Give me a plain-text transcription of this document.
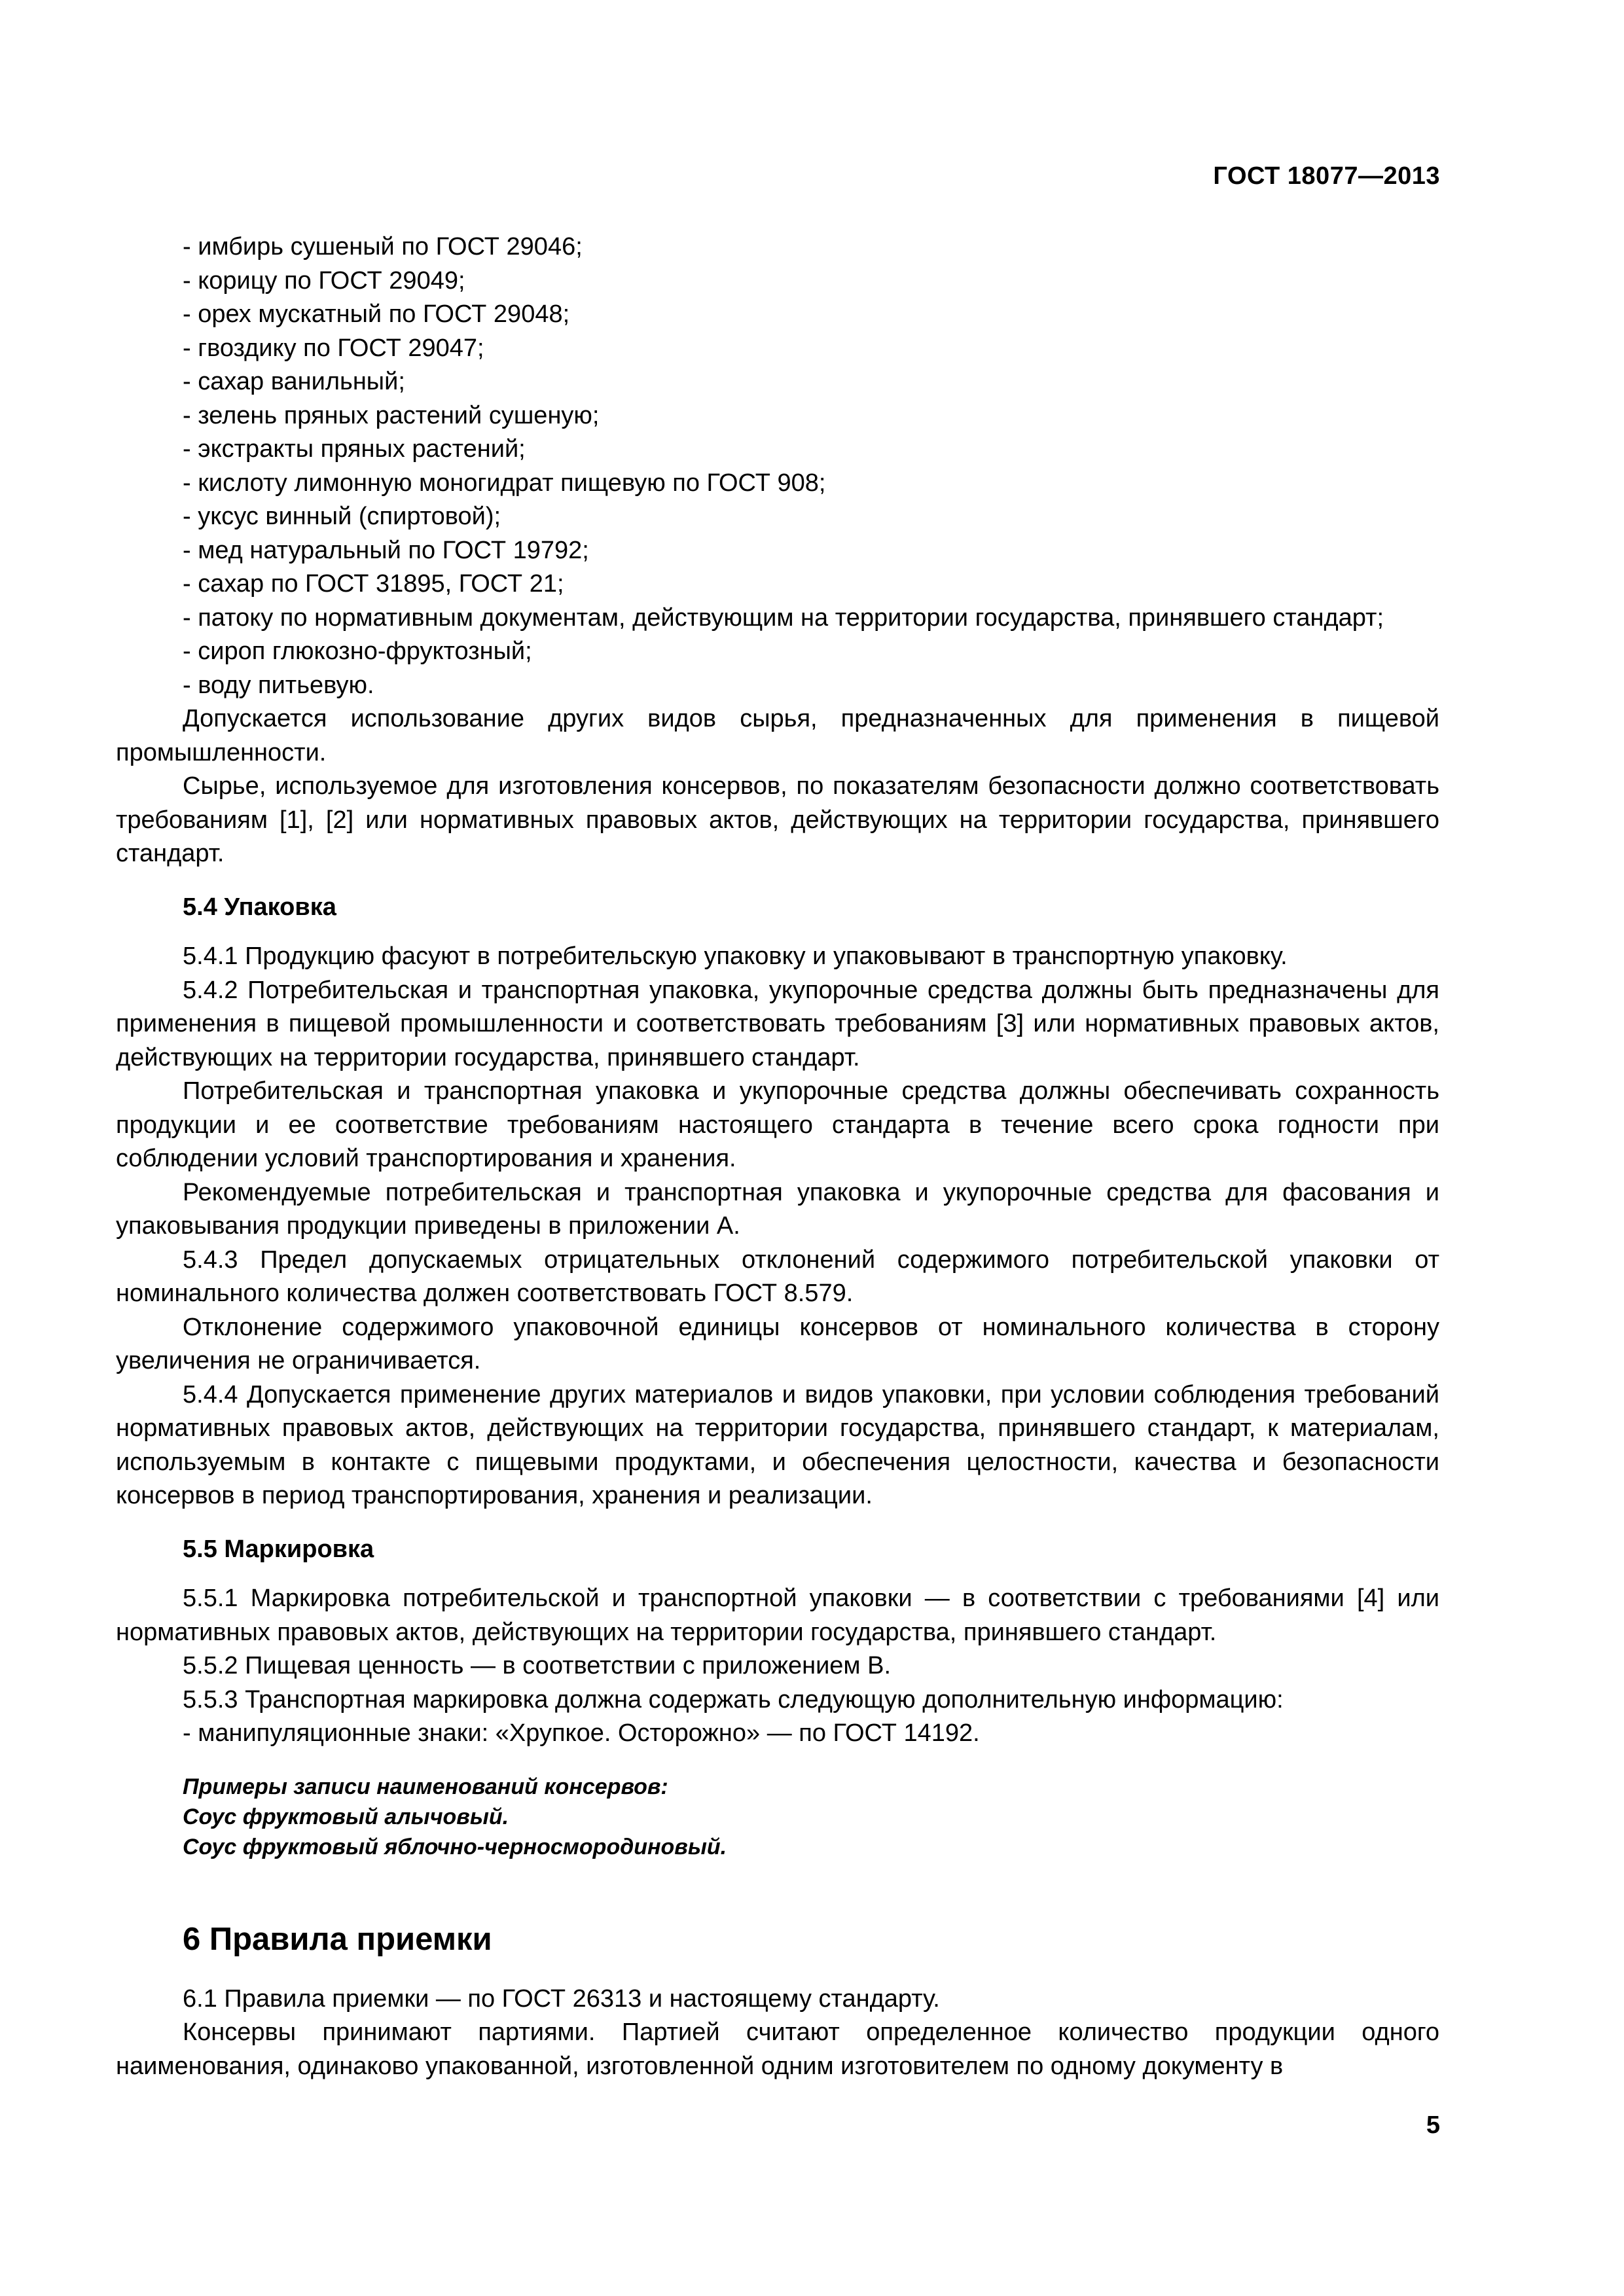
ГОСТ 18077—2013

- имбирь сушеный по ГОСТ 29046;

- корицу по ГОСТ 29049;

- орех мускатный по ГОСТ 29048;

- гвоздику по ГОСТ 29047;

- сахар ванильный;

- зелень пряных растений сушеную;

- экстракты пряных растений;

- кислоту лимонную моногидрат пищевую по ГОСТ 908;

- уксус винный (спиртовой);

- мед натуральный по ГОСТ 19792;

- сахар по ГОСТ 31895, ГОСТ 21;

- патоку по нормативным документам, действующим на территории государства, принявшего стандарт;

- сироп глюкозно-фруктозный;

- воду питьевую.

Допускается использование других видов сырья, предназначенных для применения в пищевой промышленности.

Сырье, используемое для изготовления консервов, по показателям безопасности должно соответствовать требованиям [1], [2] или нормативных правовых актов, действующих на территории государства, принявшего стандарт.

5.4 Упаковка

5.4.1 Продукцию фасуют в потребительскую упаковку и упаковывают в транспортную упаковку.

5.4.2 Потребительская и транспортная упаковка, укупорочные средства должны быть предназначены для применения в пищевой промышленности и соответствовать требованиям [3] или нормативных правовых актов, действующих на территории государства, принявшего стандарт.

Потребительская и транспортная упаковка и укупорочные средства должны обеспечивать сохранность продукции и ее соответствие требованиям настоящего стандарта в течение всего срока годности при соблюдении условий транспортирования и хранения.

Рекомендуемые потребительская и транспортная упаковка и укупорочные средства для фасования и упаковывания продукции приведены в приложении А.

5.4.3 Предел допускаемых отрицательных отклонений содержимого потребительской упаковки от номинального количества должен соответствовать ГОСТ 8.579.

Отклонение содержимого упаковочной единицы консервов от номинального количества в сторону увеличения не ограничивается.

5.4.4 Допускается применение других материалов и видов упаковки, при условии соблюдения требований нормативных правовых актов, действующих на территории государства, принявшего стандарт, к материалам, используемым в контакте с пищевыми продуктами, и обеспечения целостности, качества и безопасности консервов в период транспортирования, хранения и реализации.

5.5 Маркировка

5.5.1 Маркировка потребительской и транспортной упаковки — в соответствии с требованиями [4] или нормативных правовых актов, действующих на территории государства, принявшего стандарт.

5.5.2 Пищевая ценность — в соответствии с приложением В.

5.5.3 Транспортная маркировка должна содержать следующую дополнительную информацию:

- манипуляционные знаки: «Хрупкое. Осторожно» — по ГОСТ 14192.

Примеры записи наименований консервов:
Соус фруктовый алычовый.
Соус фруктовый яблочно-черносмородиновый.
6 Правила приемки

6.1 Правила приемки — по ГОСТ 26313 и настоящему стандарту.

Консервы принимают партиями. Партией считают определенное количество продукции одного наименования, одинаково упакованной, изготовленной одним изготовителем по одному документу в

5
